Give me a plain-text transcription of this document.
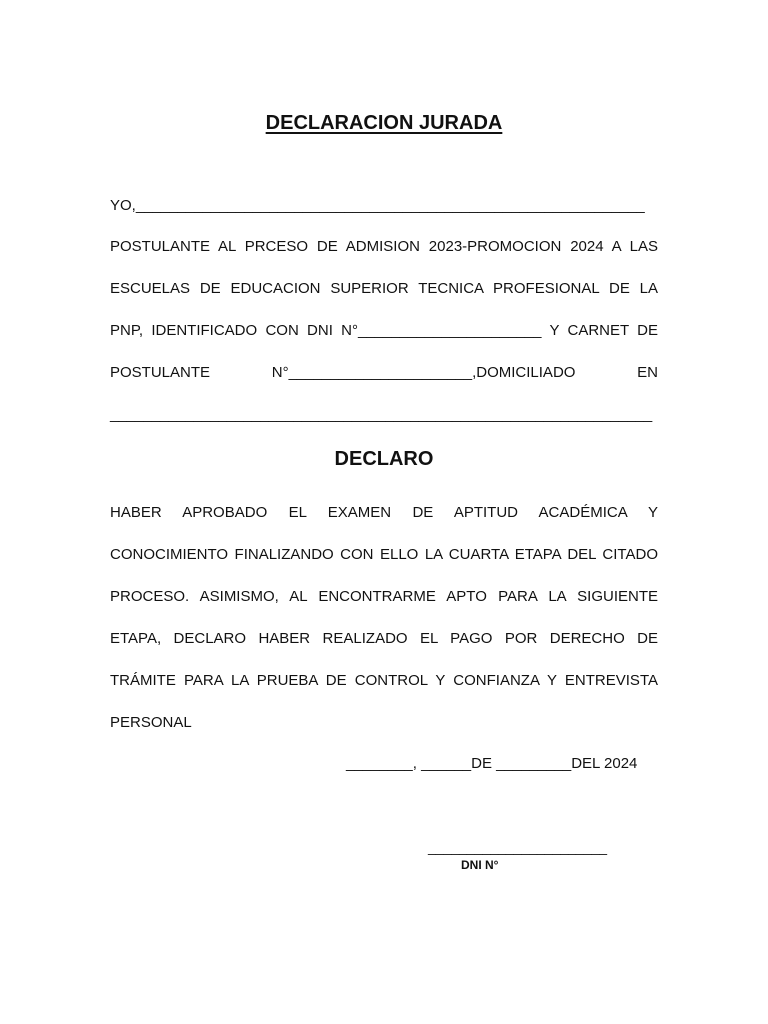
DECLARACION JURADA

YO,_____________________________________________________________

POSTULANTE AL PRCESO DE ADMISION 2023-PROMOCION 2024 A LAS

ESCUELAS DE EDUCACION SUPERIOR TECNICA PROFESIONAL DE LA

PNP, IDENTIFICADO CON DNI N°______________________ Y CARNET DE

POSTULANTE N°______________________,DOMICILIADO EN

_________________________________________________________________

DECLARO

HABER APROBADO EL EXAMEN DE APTITUD ACADÉMICA Y

CONOCIMIENTO FINALIZANDO CON ELLO LA CUARTA ETAPA DEL CITADO

PROCESO. ASIMISMO, AL ENCONTRARME APTO PARA LA SIGUIENTE

ETAPA, DECLARO HABER REALIZADO EL PAGO POR DERECHO DE

TRÁMITE PARA LA PRUEBA DE CONTROL Y CONFIANZA Y ENTREVISTA

PERSONAL

________, ______DE _________DEL 2024
_______________________
DNI N°
